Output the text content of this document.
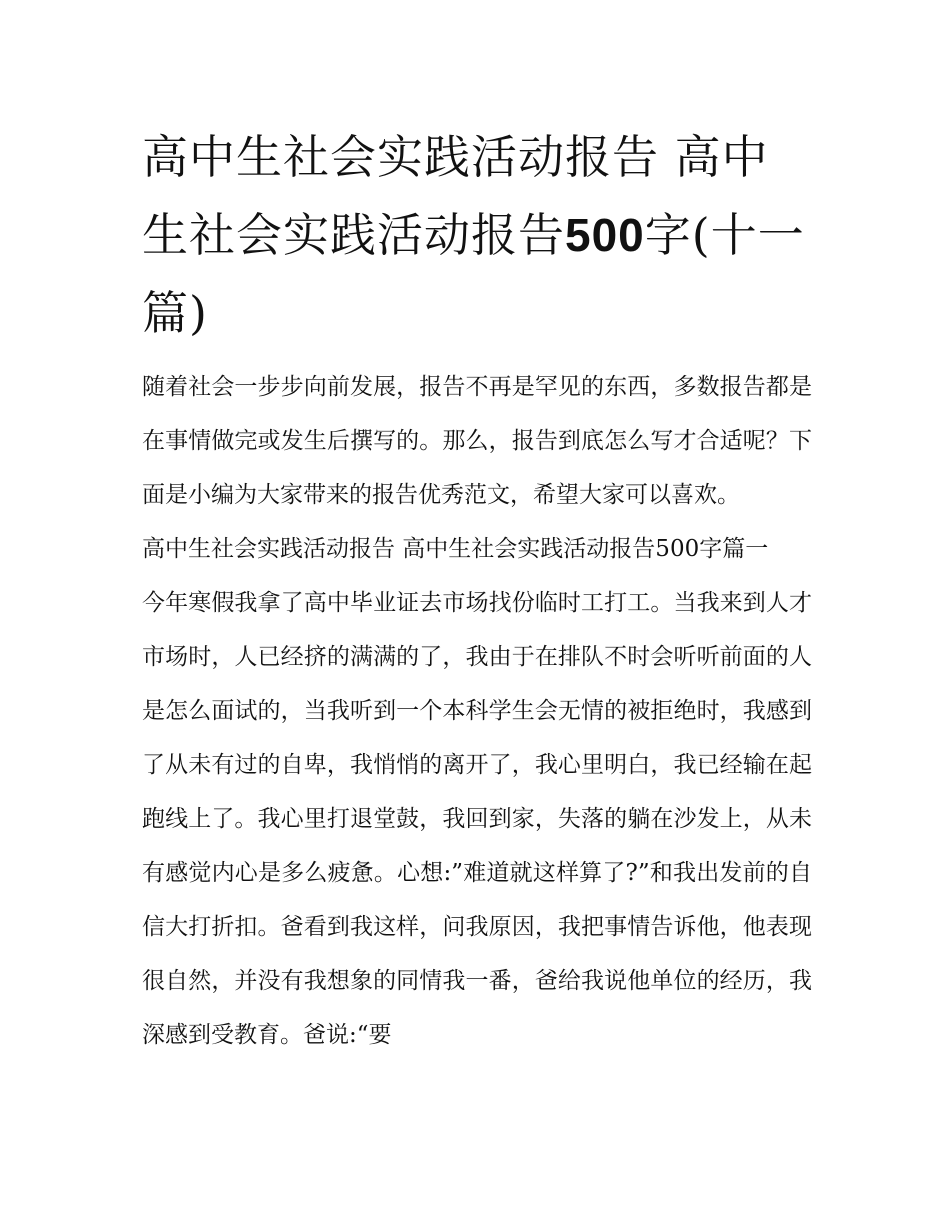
高中生社会实践活动报告 高中生社会实践活动报告500字(十一篇)

随着社会一步步向前发展，报告不再是罕见的东西，多数报告都是在事情做完或发生后撰写的。那么，报告到底怎么写才合适呢？下面是小编为大家带来的报告优秀范文，希望大家可以喜欢。

高中生社会实践活动报告 高中生社会实践活动报告500字篇一

今年寒假我拿了高中毕业证去市场找份临时工打工。当我来到人才市场时，人已经挤的满满的了，我由于在排队不时会听听前面的人是怎么面试的，当我听到一个本科学生会无情的被拒绝时，我感到了从未有过的自卑，我悄悄的离开了，我心里明白，我已经输在起跑线上了。我心里打退堂鼓，我回到家，失落的躺在沙发上，从未有感觉内心是多么疲惫。心想:”难道就这样算了?”和我出发前的自信大打折扣。爸看到我这样，问我原因，我把事情告诉他，他表现很自然，并没有我想象的同情我一番，爸给我说他单位的经历，我深感到受教育。爸说:“要
